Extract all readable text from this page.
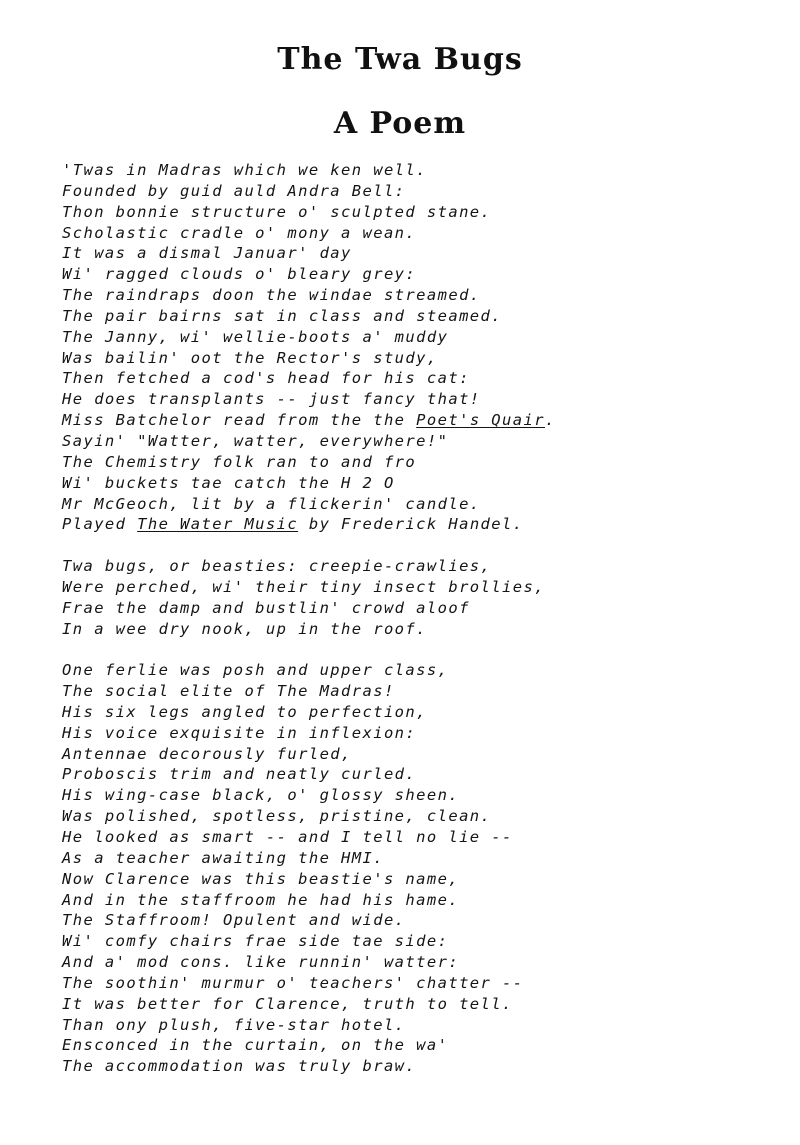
The Twa Bugs
A Poem
'Twas in Madras which we ken well.
Founded by guid auld Andra Bell:
Thon bonnie structure o' sculpted stane.
Scholastic cradle o' mony a wean.
It was a dismal Januar' day
Wi' ragged clouds o' bleary grey:
The raindraps doon the windae streamed.
The pair bairns sat in class and steamed.
The Janny, wi' wellie-boots a' muddy
Was bailin' oot the Rector's study,
Then fetched a cod's head for his cat:
He does transplants -- just fancy that!
Miss Batchelor read from the the Poet's Quair.
Sayin' "Watter, watter, everywhere!"
The Chemistry folk ran to and fro
Wi' buckets tae catch the H 2 O
Mr McGeoch, lit by a flickerin' candle.
Played The Water Music by Frederick Handel.
Twa bugs, or beasties: creepie-crawlies,
Were perched, wi' their tiny insect brollies,
Frae the damp and bustlin' crowd aloof
In a wee dry nook, up in the roof.
One ferlie was posh and upper class,
The social elite of The Madras!
His six legs angled to perfection,
His voice exquisite in inflexion:
Antennae decorously furled,
Proboscis trim and neatly curled.
His wing-case black, o' glossy sheen.
Was polished, spotless, pristine, clean.
He looked as smart -- and I tell no lie --
As a teacher awaiting the HMI.
Now Clarence was this beastie's name,
And in the staffroom he had his hame.
The Staffroom! Opulent and wide.
Wi' comfy chairs frae side tae side:
And a' mod cons. like runnin' watter:
The soothin' murmur o' teachers' chatter --
It was better for Clarence, truth to tell.
Than ony plush, five-star hotel.
Ensconced in the curtain, on the wa'
The accommodation was truly braw.
